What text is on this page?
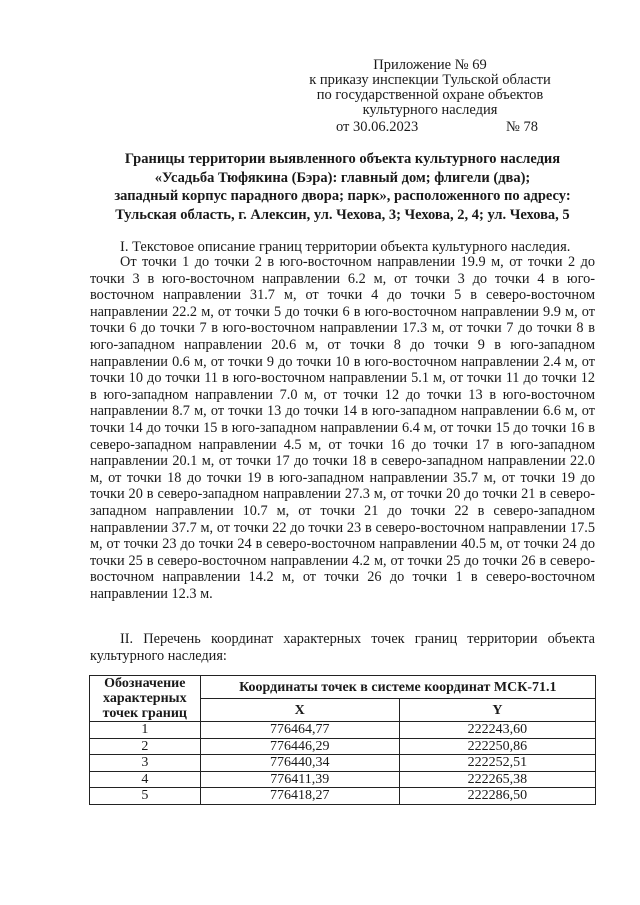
Приложение № 69
к приказу инспекции Тульской области
по государственной охране объектов
культурного наследия
от 30.06.2023	№ 78
Границы территории выявленного объекта культурного наследия
«Усадьба Тюфякина (Бэра): главный дом; флигели (два);
западный корпус парадного двора; парк», расположенного по адресу:
Тульская область, г. Алексин, ул. Чехова, 3; Чехова, 2, 4; ул. Чехова, 5
I. Текстовое описание границ территории объекта культурного наследия.
От точки 1 до точки 2 в юго-восточном направлении 19.9 м, от точки 2 до точки 3 в юго-восточном направлении 6.2 м, от точки 3 до точки 4 в юго-восточном направлении 31.7 м, от точки 4 до точки 5 в северо-восточном направлении 22.2 м, от точки 5 до точки 6 в юго-восточном направлении 9.9 м, от точки 6 до точки 7 в юго-восточном направлении 17.3 м, от точки 7 до точки 8 в юго-западном направлении 20.6 м, от точки 8 до точки 9 в юго-западном направлении 0.6 м, от точки 9 до точки 10 в юго-восточном направлении 2.4 м, от точки 10 до точки 11 в юго-восточном направлении 5.1 м, от точки 11 до точки 12 в юго-западном направлении 7.0 м, от точки 12 до точки 13 в юго-восточном направлении 8.7 м, от точки 13 до точки 14 в юго-западном направлении 6.6 м, от точки 14 до точки 15 в юго-западном направлении 6.4 м, от точки 15 до точки 16 в северо-западном направлении 4.5 м, от точки 16 до точки 17 в юго-западном направлении 20.1 м, от точки 17 до точки 18 в северо-западном направлении 22.0 м, от точки 18 до точки 19 в юго-западном направлении 35.7 м, от точки 19 до точки 20 в северо-западном направлении 27.3 м, от точки 20 до точки 21 в северо-западном направлении 10.7 м, от точки 21 до точки 22 в северо-западном направлении 37.7 м, от точки 22 до точки 23 в северо-восточном направлении 17.5 м, от точки 23 до точки 24 в северо-восточном направлении 40.5 м, от точки 24 до точки 25 в северо-восточном направлении 4.2 м, от точки 25 до точки 26 в северо-восточном направлении 14.2 м, от точки 26 до точки 1 в северо-восточном направлении 12.3 м.
II. Перечень координат характерных точек границ территории объекта культурного наследия:
Обозначение характерных точек границ	Координаты точек в системе координат МСК-71.1	
	X	Y
1	776464,77	222243,60
2	776446,29	222250,86
3	776440,34	222252,51
4	776411,39	222265,38
5	776418,27	222286,50
